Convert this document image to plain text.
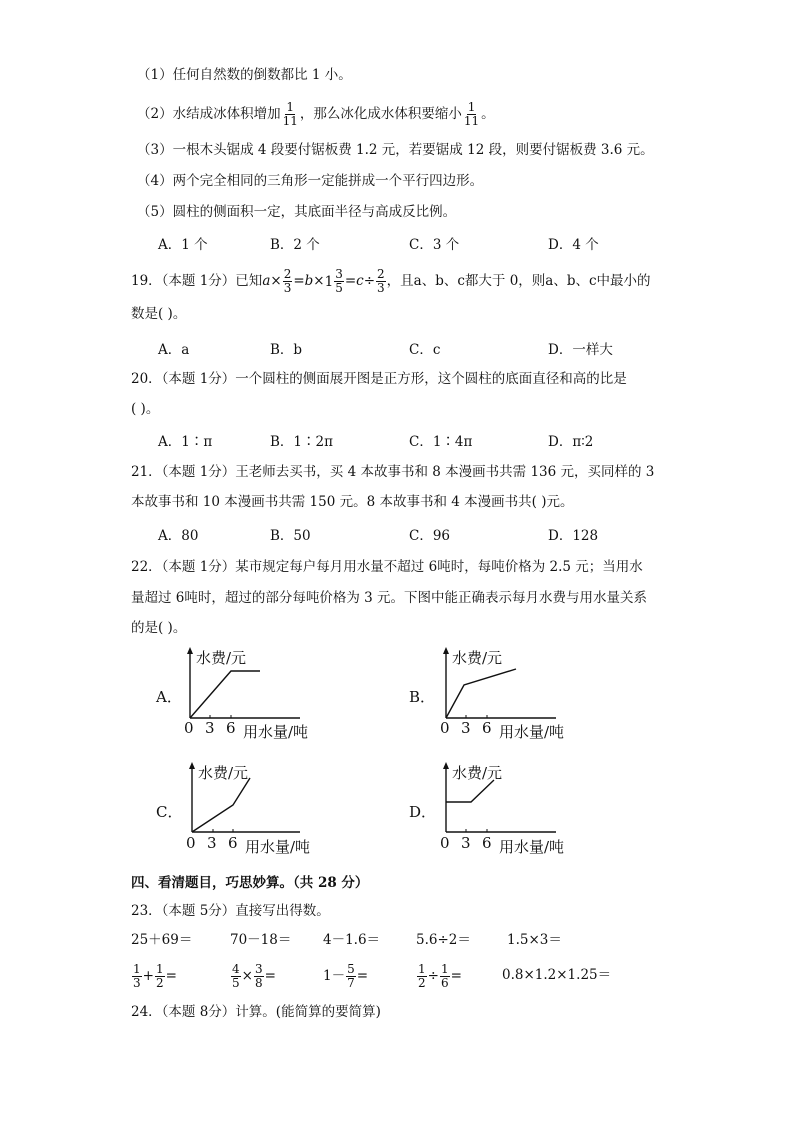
（1）任何自然数的倒数都比 1 小。
（2）水结成冰体积增加 $\frac{1}{11}$ ，那么冰化成水体积要缩小 $\frac{1}{11}$ 。
（3）一根木头锯成 4 段要付锯板费 1.2 元，若要锯成 12 段，则要付锯板费 3.6 元。
（4）两个完全相同的三角形一定能拼成一个平行四边形。
（5）圆柱的侧面积一定，其底面半径与高成反比例。
A．1 个	B．2 个	C．3 个	D．4 个
19．（本题 1分）已知$a\times \frac{2}{3} =b\times 1 \frac{3}{5} =c\div \frac{2}{3}$ ，且a、b、c都大于 0，则a、b、c中最小的
数是( )。
A．a	B．b	C．c	D．一样大
20．（本题 1分）一个圆柱的侧面展开图是正方形，这个圆柱的底面直径和高的比是
( )。
A．1∶π	B．1∶2π	C．1∶4π	D．π∶2
21．（本题 1分）王老师去买书，买 4 本故事书和 8 本漫画书共需 136 元，买同样的 3
本故事书和 10 本漫画书共需 150 元。8 本故事书和 4 本漫画书共( )元。
A．80	B．50	C．96	D．128
22．（本题 1分）某市规定每户每月用水量不超过 6吨时，每吨价格为 2.5 元；当用水
量超过 6吨时，超过的部分每吨价格为 3 元。下图中能正确表示每月水费与用水量关系
的是( )。
A．
水费/元
0 3 6 用水量/吨
B．
水费/元
0 3 6 用水量/吨
C．
水费/元
0 3 6 用水量/吨
D．
水费/元
0 3 6 用水量/吨
四、看清题目，巧思妙算。（共 28 分）
23．（本题 5分）直接写出得数。
25＋69＝	70－18＝ 4－1.6＝	5.6÷2＝	1.5×3＝
$\frac{1}{3} + \frac{1}{2}$ =	$\frac{4}{5} \times \frac{3}{8}$ =	$1- \frac{5}{7}$ =	$\frac{1}{2} \div \frac{1}{6}$ =	0.8×1.2×1.25＝
24．（本题 8分）计算。(能简算的要简算)
